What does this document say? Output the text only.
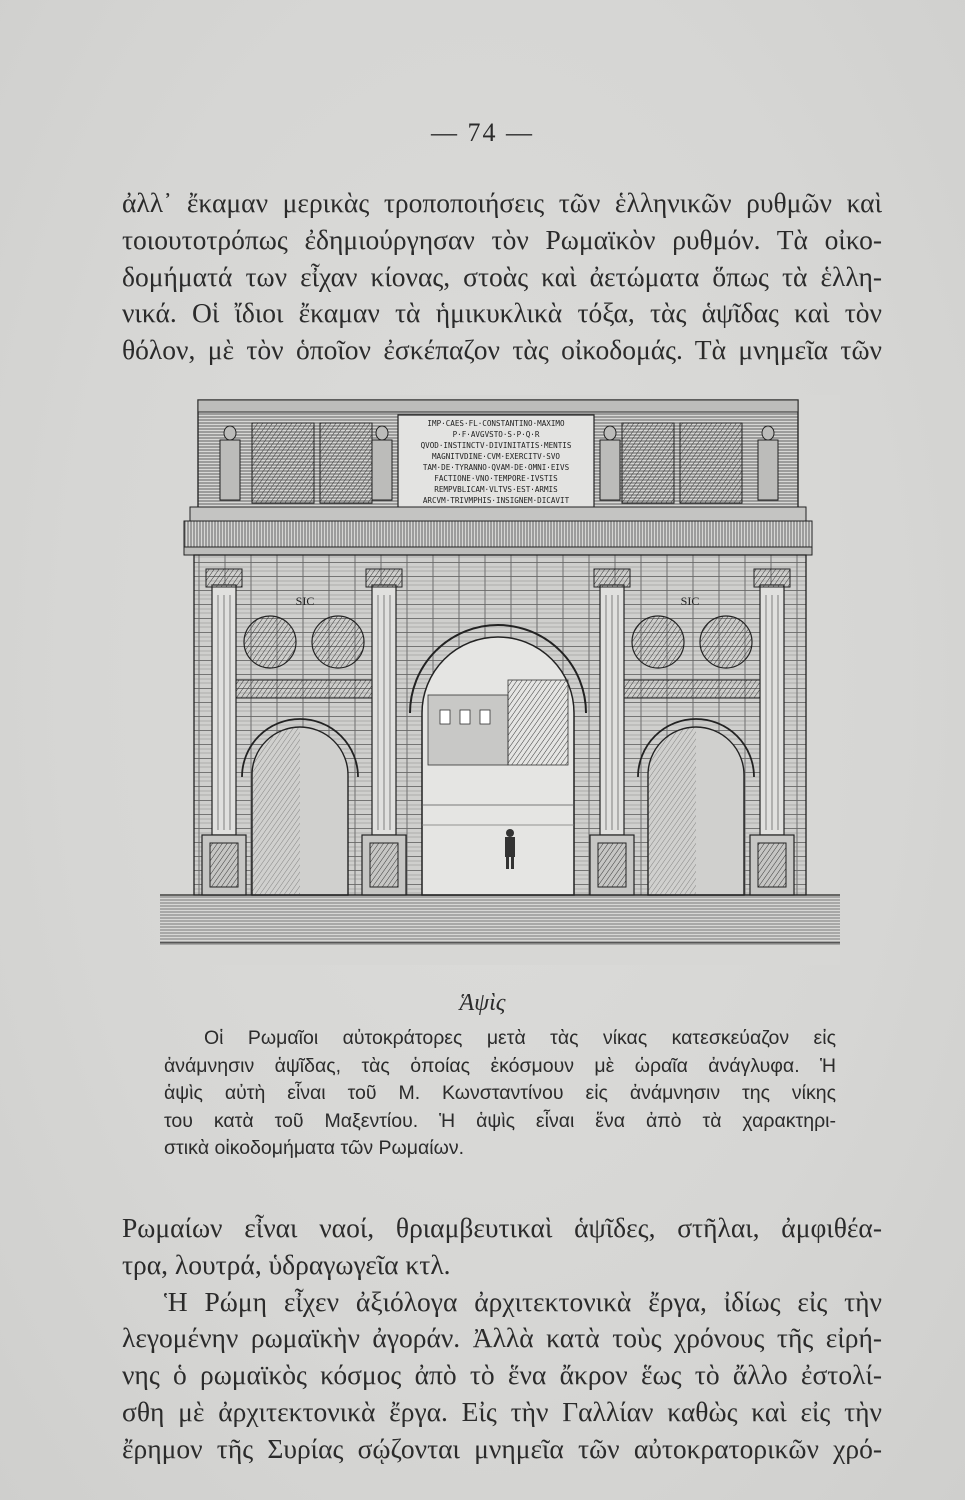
— 74 —
ἀλλ᾽ ἔκαμαν μερικὰς τροποποιήσεις τῶν ἑλληνικῶν ρυθμῶν καὶ
τοιουτοτρόπως ἐδημιούργησαν τὸν Ρωμαϊκὸν ρυθμόν. Τὰ οἰκο-
δομήματά των εἶχαν κίονας, στοὰς καὶ ἀετώματα ὅπως τὰ ἑλλη-
νικά. Οἱ ἴδιοι ἔκαμαν τὰ ἡμικυκλικὰ τόξα, τὰς ἁψῖδας καὶ τὸν
θόλον, μὲ τὸν ὁποῖον ἐσκέπαζον τὰς οἰκοδομάς. Τὰ μνημεῖα τῶν
IMP·CAES·FL·CONSTANTINO·MAXIMO
P·F·AVGVSTO·S·P·Q·R
QVOD·INSTINCTV·DIVINITATIS·MENTIS
MAGNITVDINE·CVM·EXERCITV·SVO
TAM·DE·TYRANNO·QVAM·DE·OMNI·EIVS
FACTIONE·VNO·TEMPORE·IVSTIS
REMPVBLICAM·VLTVS·EST·ARMIS
ARCVM·TRIVMPHIS·INSIGNEM·DICAVIT
SIC	SIC
Ἁψὶς
Οἱ Ρωμαῖοι αὐτοκράτορες μετὰ τὰς νίκας κατεσκεύαζον εἰς
ἀνάμνησιν ἁψῖδας, τὰς ὁποίας ἐκόσμουν μὲ ὡραῖα ἀνάγλυφα. Ἡ
ἁψὶς αὐτὴ εἶναι τοῦ Μ. Κωνσταντίνου εἰς ἀνάμνησιν της νίκης
του κατὰ τοῦ Μαξεντίου. Ἡ ἁψὶς εἶναι ἕνα ἀπὸ τὰ χαρακτηρι-
στικὰ οἰκοδομήματα τῶν Ρωμαίων.
Ρωμαίων εἶναι ναοί, θριαμβευτικαὶ ἁψῖδες, στῆλαι, ἀμφιθέα-
τρα, λουτρά, ὑδραγωγεῖα κτλ.
Ἡ Ρώμη εἶχεν ἀξιόλογα ἀρχιτεκτονικὰ ἔργα, ἰδίως εἰς τὴν
λεγομένην ρωμαϊκὴν ἀγοράν. Ἀλλὰ κατὰ τοὺς χρόνους τῆς εἰρή-
νης ὁ ρωμαϊκὸς κόσμος ἀπὸ τὸ ἕνα ἄκρον ἕως τὸ ἄλλο ἐστολί-
σθη μὲ ἀρχιτεκτονικὰ ἔργα. Εἰς τὴν Γαλλίαν καθὼς καὶ εἰς τὴν
ἔρημον τῆς Συρίας σῴζονται μνημεῖα τῶν αὐτοκρατορικῶν χρό-
